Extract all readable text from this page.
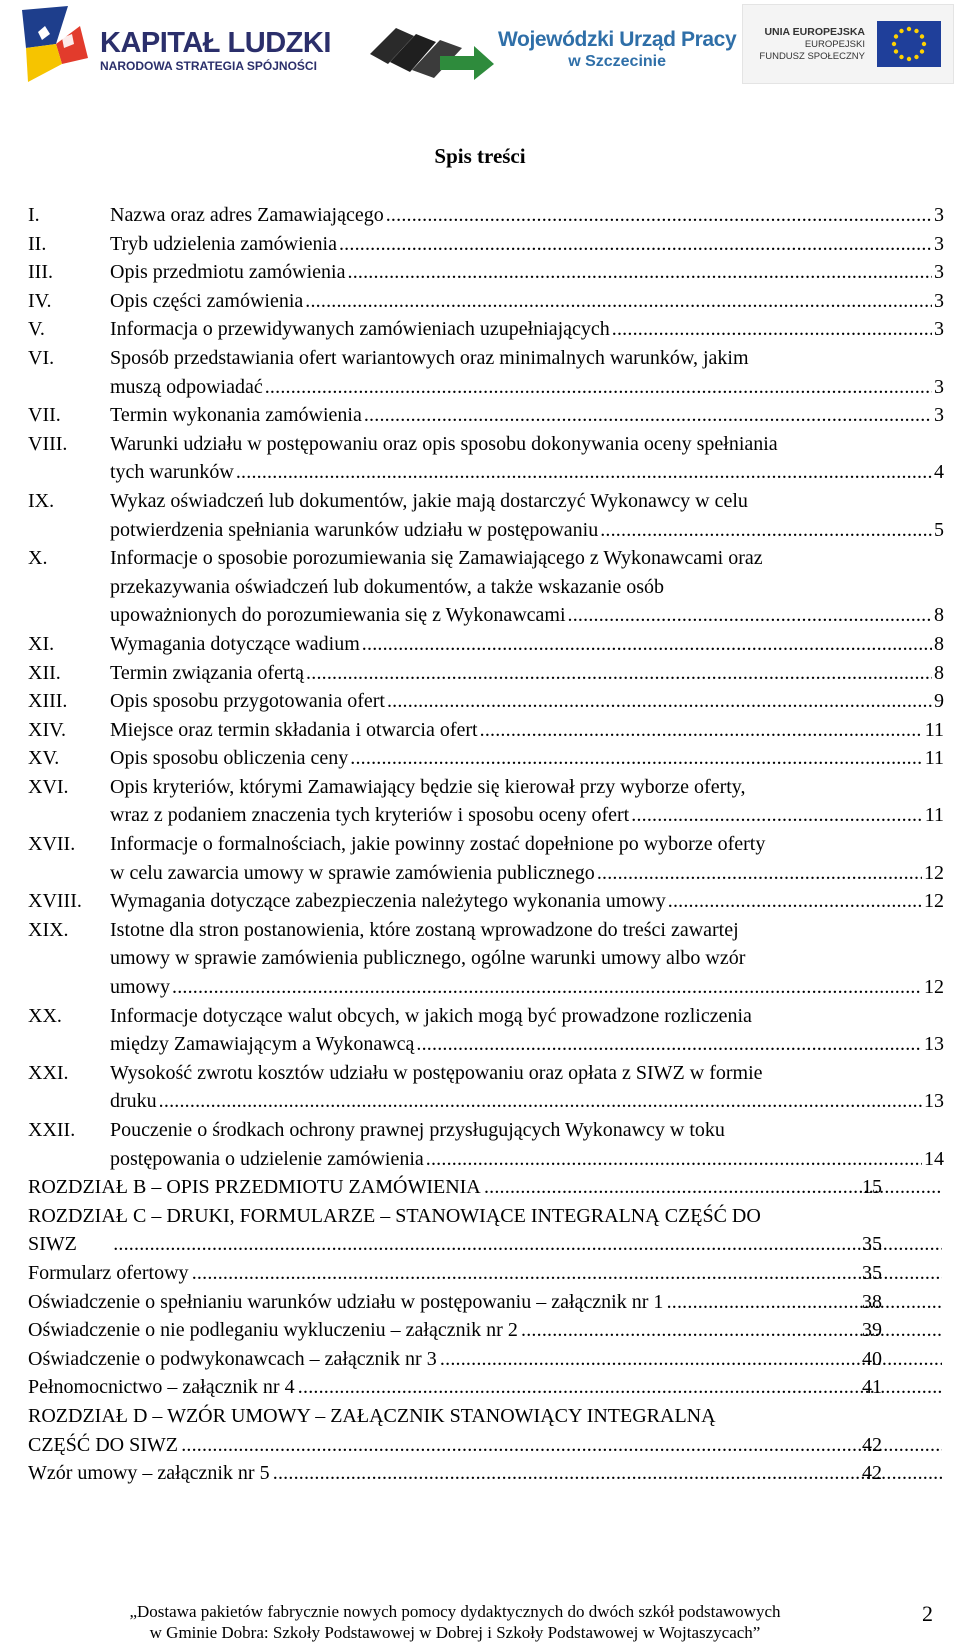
KAPITAŁ LUDZKI
NARODOWA STRATEGIA SPÓJNOŚCI
Wojewódzki Urząd Pracy
w Szczecinie
UNIA EUROPEJSKA
EUROPEJSKI
FUNDUSZ SPOŁECZNY
Spis treści
I.	Nazwa oraz adres Zamawiającego .....	3
II.	Tryb udzielenia zamówienia .....	3
III.	Opis przedmiotu zamówienia .....	3
IV.	Opis części zamówienia .....	3
V.	Informacja o przewidywanych zamówieniach uzupełniających .....	3
VI.	Sposób przedstawiania ofert wariantowych oraz minimalnych warunków, jakim
muszą odpowiadać .....	3
VII. Termin wykonania zamówienia .....	3
VIII. Warunki udziału w postępowaniu oraz opis sposobu dokonywania oceny spełniania
tych warunków .....	4
IX.	Wykaz oświadczeń lub dokumentów, jakie mają dostarczyć Wykonawcy w celu
potwierdzenia spełniania warunków udziału w postępowaniu .....	5
X.	Informacje o sposobie porozumiewania się Zamawiającego z Wykonawcami oraz
przekazywania oświadczeń lub dokumentów, a także wskazanie osób
upoważnionych do porozumiewania się z Wykonawcami .....	8
XI.	Wymagania dotyczące wadium .....	8
XII. Termin związania ofertą .....	8
XIII. Opis sposobu przygotowania ofert .....	9
XIV. Miejsce oraz termin składania i otwarcia ofert .....	11
XV.	Opis sposobu obliczenia ceny .....	11
XVI. Opis kryteriów, którymi Zamawiający będzie się kierował przy wyborze oferty,
wraz z podaniem znaczenia tych kryteriów i sposobu oceny ofert .....	11
XVII. Informacje o formalnościach, jakie powinny zostać dopełnione po wyborze oferty
w celu zawarcia umowy w sprawie zamówienia publicznego .....	12
XVIII. Wymagania dotyczące zabezpieczenia należytego wykonania umowy .....	12
XIX. Istotne dla stron postanowienia, które zostaną wprowadzone do treści zawartej
umowy w sprawie zamówienia publicznego, ogólne warunki umowy albo wzór
umowy .....	12
XX. Informacje dotyczące walut obcych, w jakich mogą być prowadzone rozliczenia
między Zamawiającym a Wykonawcą .....	13
XXI. Wysokość zwrotu kosztów udziału w postępowaniu oraz opłata z SIWZ w formie
druku .....	13
XXII. Pouczenie o środkach ochrony prawnej przysługujących Wykonawcy w toku
postępowania o udzielenie zamówienia .....	14
ROZDZIAŁ B – OPIS PRZEDMIOTU ZAMÓWIENIA .....	15
ROZDZIAŁ C – DRUKI, FORMULARZE – STANOWIĄCE INTEGRALNĄ CZĘŚĆ DO
SIWZ .....	35
Formularz ofertowy .....	35
Oświadczenie o spełnianiu warunków udziału w postępowaniu – załącznik nr 1 .....	38
Oświadczenie o nie podleganiu wykluczeniu – załącznik nr 2 .....	39
Oświadczenie o podwykonawcach – załącznik nr 3 .....	40
Pełnomocnictwo – załącznik nr 4 .....	41
ROZDZIAŁ D – WZÓR UMOWY – ZAŁĄCZNIK STANOWIĄCY INTEGRALNĄ
CZĘŚĆ DO SIWZ .....	42
Wzór umowy – załącznik nr 5 .....	42
„Dostawa pakietów fabrycznie nowych pomocy dydaktycznych do dwóch szkół podstawowych
w Gminie Dobra: Szkoły Podstawowej w Dobrej i Szkoły Podstawowej w Wojtaszycach”
2
